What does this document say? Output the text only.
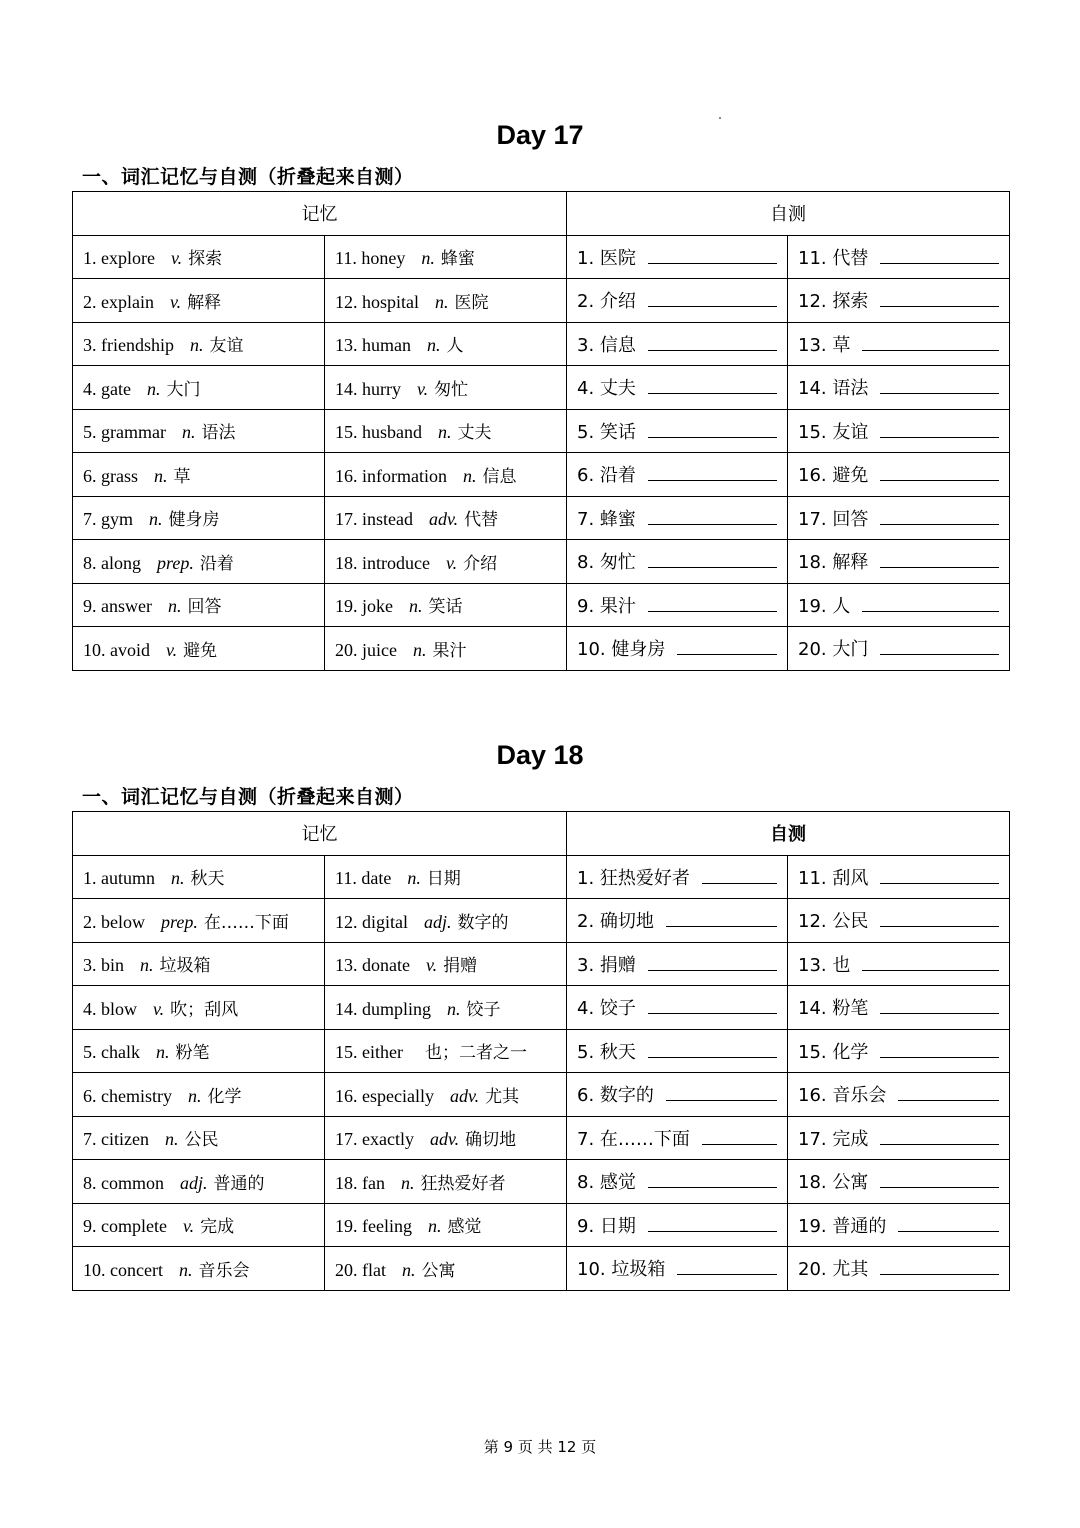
Day 17
一、词汇记忆与自测（折叠起来自测）
记忆		自测	
1. explore v. 探索	11. honey n. 蜂蜜	1. 医院	11. 代替
2. explain v. 解释	12. hospital n. 医院	2. 介绍	12. 探索
3. friendship n. 友谊	13. human n. 人	3. 信息	13. 草
4. gate n. 大门	14. hurry v. 匆忙	4. 丈夫	14. 语法
5. grammar n. 语法	15. husband n. 丈夫	5. 笑话	15. 友谊
6. grass n. 草	16. information n. 信息	6. 沿着	16. 避免
7. gym n. 健身房	17. instead adv. 代替	7. 蜂蜜	17. 回答
8. along prep. 沿着	18. introduce v. 介绍	8. 匆忙	18. 解释
9. answer n. 回答	19. joke n. 笑话	9. 果汁	19. 人
10. avoid v. 避免	20. juice n. 果汁	10. 健身房	20. 大门
Day 18
一、词汇记忆与自测（折叠起来自测）
记忆		自测	
1. autumn n. 秋天	11. date n. 日期	1. 狂热爱好者	11. 刮风
2. below prep. 在……下面	12. digital adj. 数字的	2. 确切地	12. 公民
3. bin n. 垃圾箱	13. donate v. 捐赠	3. 捐赠	13. 也
4. blow v. 吹；刮风	14. dumpling n. 饺子	4. 饺子	14. 粉笔
5. chalk n. 粉笔	15. either 也；二者之一	5. 秋天	15. 化学
6. chemistry n. 化学	16. especially adv. 尤其	6. 数字的	16. 音乐会
7. citizen n. 公民	17. exactly adv. 确切地	7. 在……下面	17. 完成
8. common adj. 普通的	18. fan n. 狂热爱好者	8. 感觉	18. 公寓
9. complete v. 完成	19. feeling n. 感觉	9. 日期	19. 普通的
10. concert n. 音乐会	20. flat n. 公寓	10. 垃圾箱	20. 尤其
第 9 页 共 12 页
